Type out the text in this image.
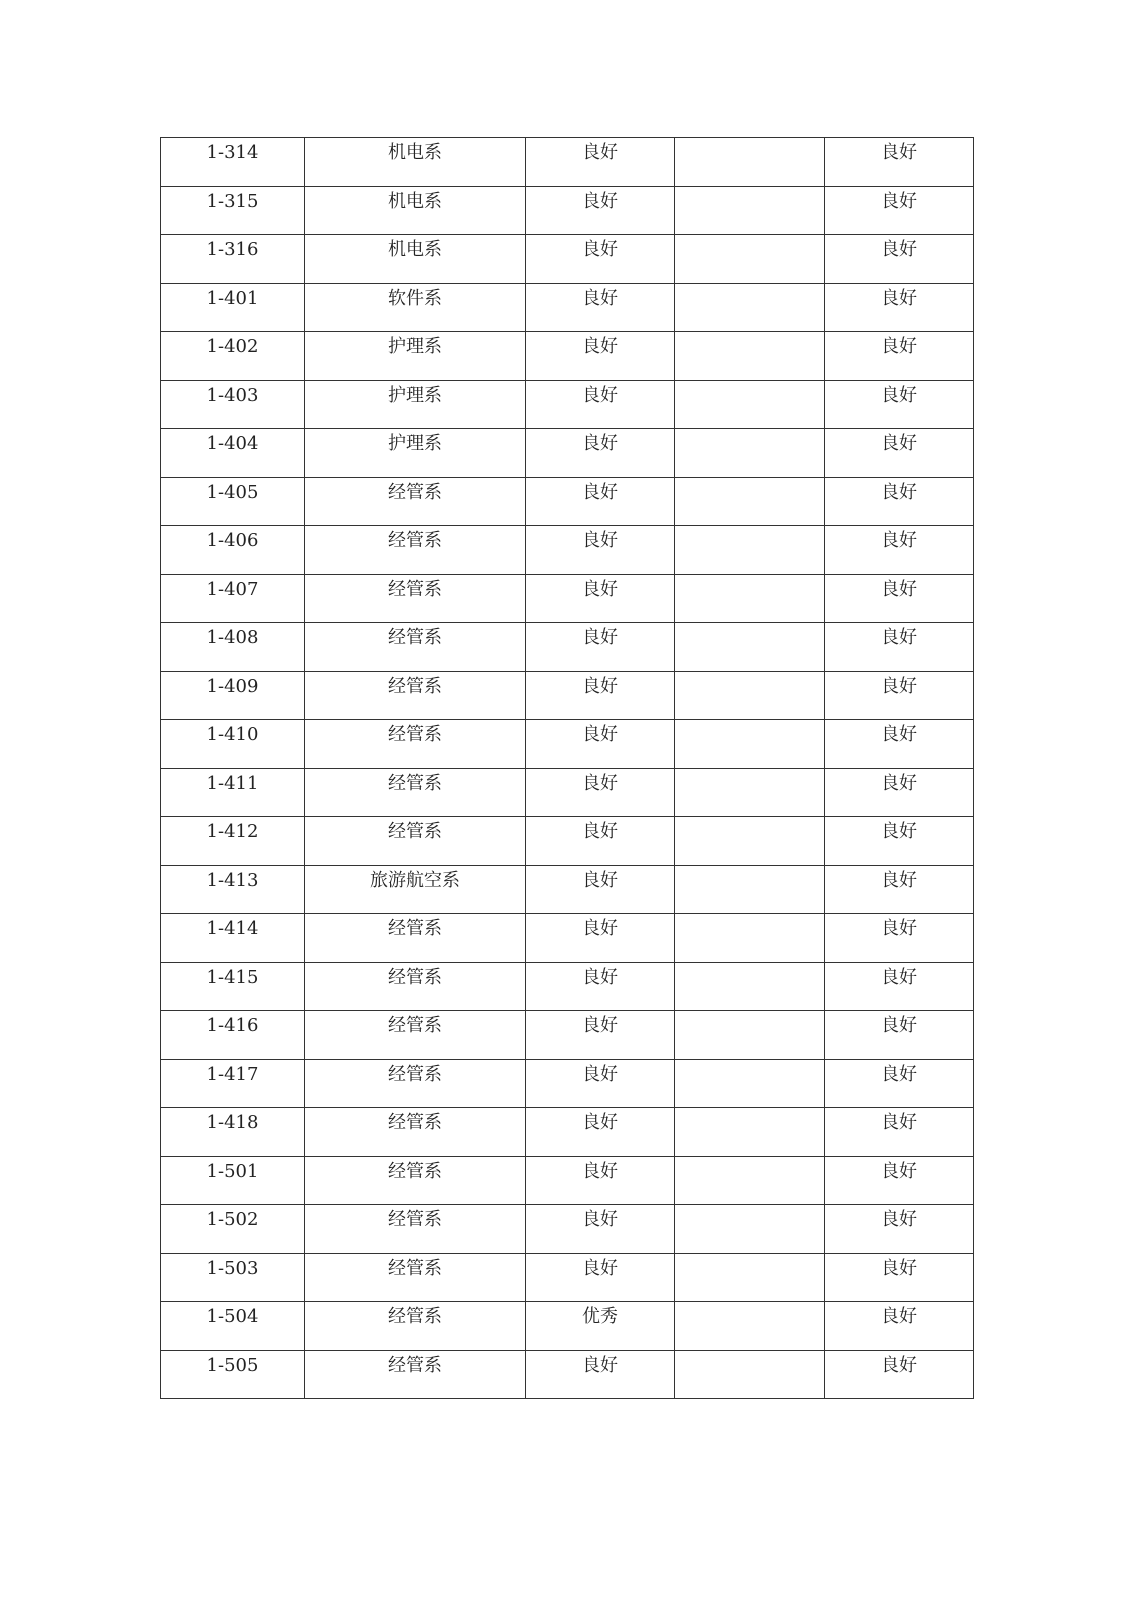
1-314	机电系	良好		良好

1-315	机电系	良好		良好

1-316	机电系	良好		良好

1-401	软件系	良好		良好

1-402	护理系	良好		良好

1-403	护理系	良好		良好

1-404	护理系	良好		良好

1-405	经管系	良好		良好

1-406	经管系	良好		良好

1-407	经管系	良好		良好

1-408	经管系	良好		良好

1-409	经管系	良好		良好

1-410	经管系	良好		良好

1-411	经管系	良好		良好

1-412	经管系	良好		良好

1-413	旅游航空系	良好		良好

1-414	经管系	良好		良好

1-415	经管系	良好		良好

1-416	经管系	良好		良好

1-417	经管系	良好		良好

1-418	经管系	良好		良好

1-501	经管系	良好		良好

1-502	经管系	良好		良好

1-503	经管系	良好		良好

1-504	经管系	优秀		良好

1-505	经管系	良好		良好
